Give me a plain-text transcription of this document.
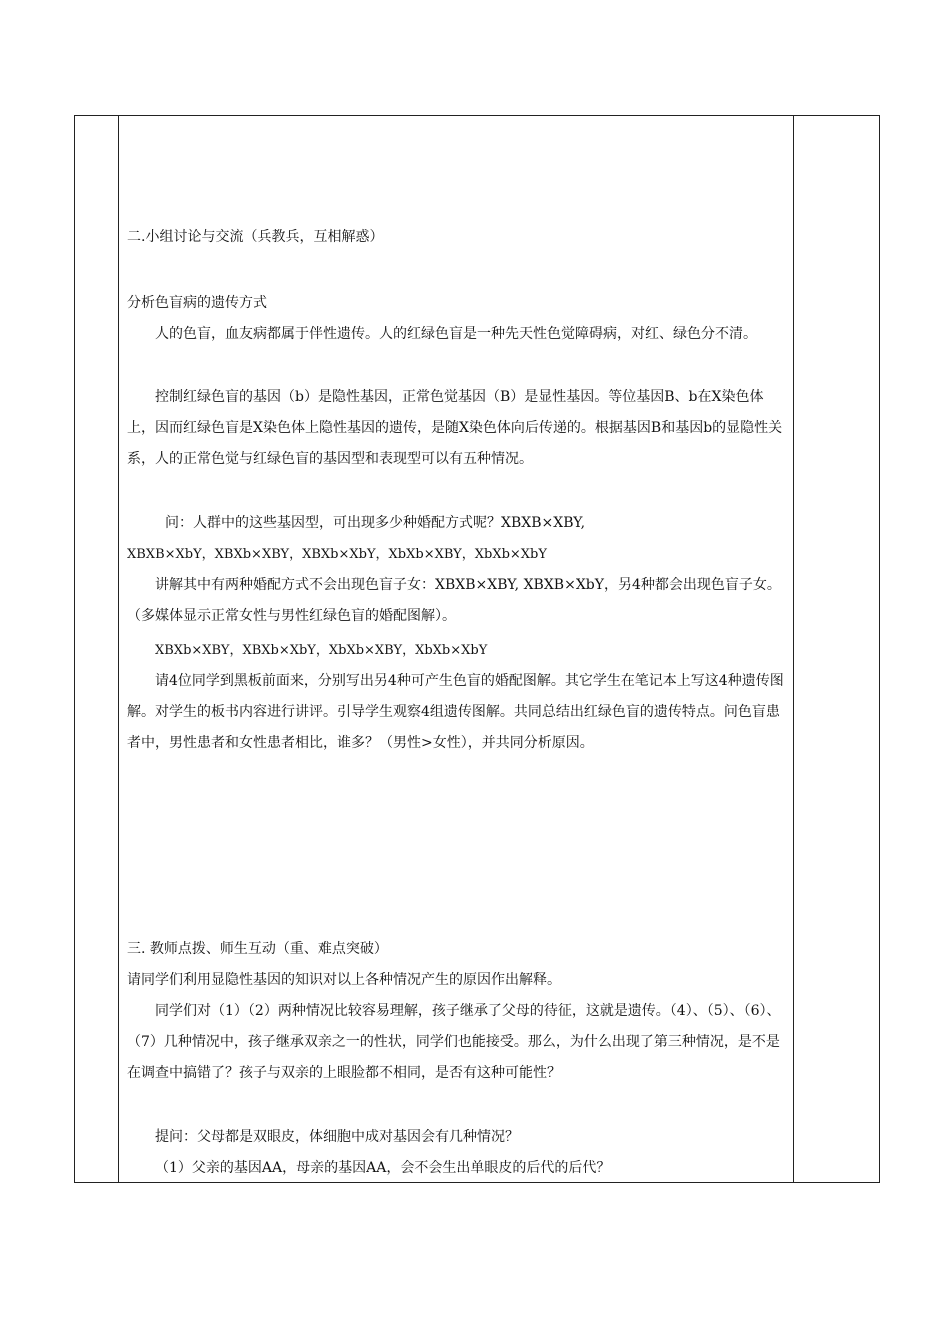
二.小组讨论与交流（兵教兵，互相解惑）
分析色盲病的遗传方式
人的色盲，血友病都属于伴性遗传。人的红绿色盲是一种先天性色觉障碍病，对红、绿色分不清。
控制红绿色盲的基因（b）是隐性基因，正常色觉基因（B）是显性基因。等位基因B、b在X染色体上，因而红绿色盲是X染色体上隐性基因的遗传，是随X染色体向后传递的。根据基因B和基因b的显隐性关系，人的正常色觉与红绿色盲的基因型和表现型可以有五种情况。
问：人群中的这些基因型，可出现多少种婚配方式呢？XBXB×XBY,
XBXB×XbY，XBXb×XBY，XBXb×XbY，XbXb×XBY，XbXb×XbY
讲解其中有两种婚配方式不会出现色盲子女：XBXB×XBY, XBXB×XbY，另4种都会出现色盲子女。（多媒体显示正常女性与男性红绿色盲的婚配图解）。
XBXb×XBY，XBXb×XbY，XbXb×XBY，XbXb×XbY
请4位同学到黑板前面来，分别写出另4种可产生色盲的婚配图解。其它学生在笔记本上写这4种遗传图解。对学生的板书内容进行讲评。引导学生观察4组遗传图解。共同总结出红绿色盲的遗传特点。问色盲患者中，男性患者和女性患者相比，谁多？（男性>女性），并共同分析原因。
三. 教师点拨、师生互动（重、难点突破）
请同学们利用显隐性基因的知识对以上各种情况产生的原因作出解释。
同学们对（1）（2）两种情况比较容易理解，孩子继承了父母的待征，这就是遗传。（4）、（5）、（6）、（7）几种情况中，孩子继承双亲之一的性状，同学们也能接受。那么，为什么出现了第三种情况，是不是在调查中搞错了？孩子与双亲的上眼脸都不相同，是否有这种可能性？
提问：父母都是双眼皮，体细胞中成对基因会有几种情况？
（1）父亲的基因AA，母亲的基因AA，会不会生出单眼皮的后代的后代？
